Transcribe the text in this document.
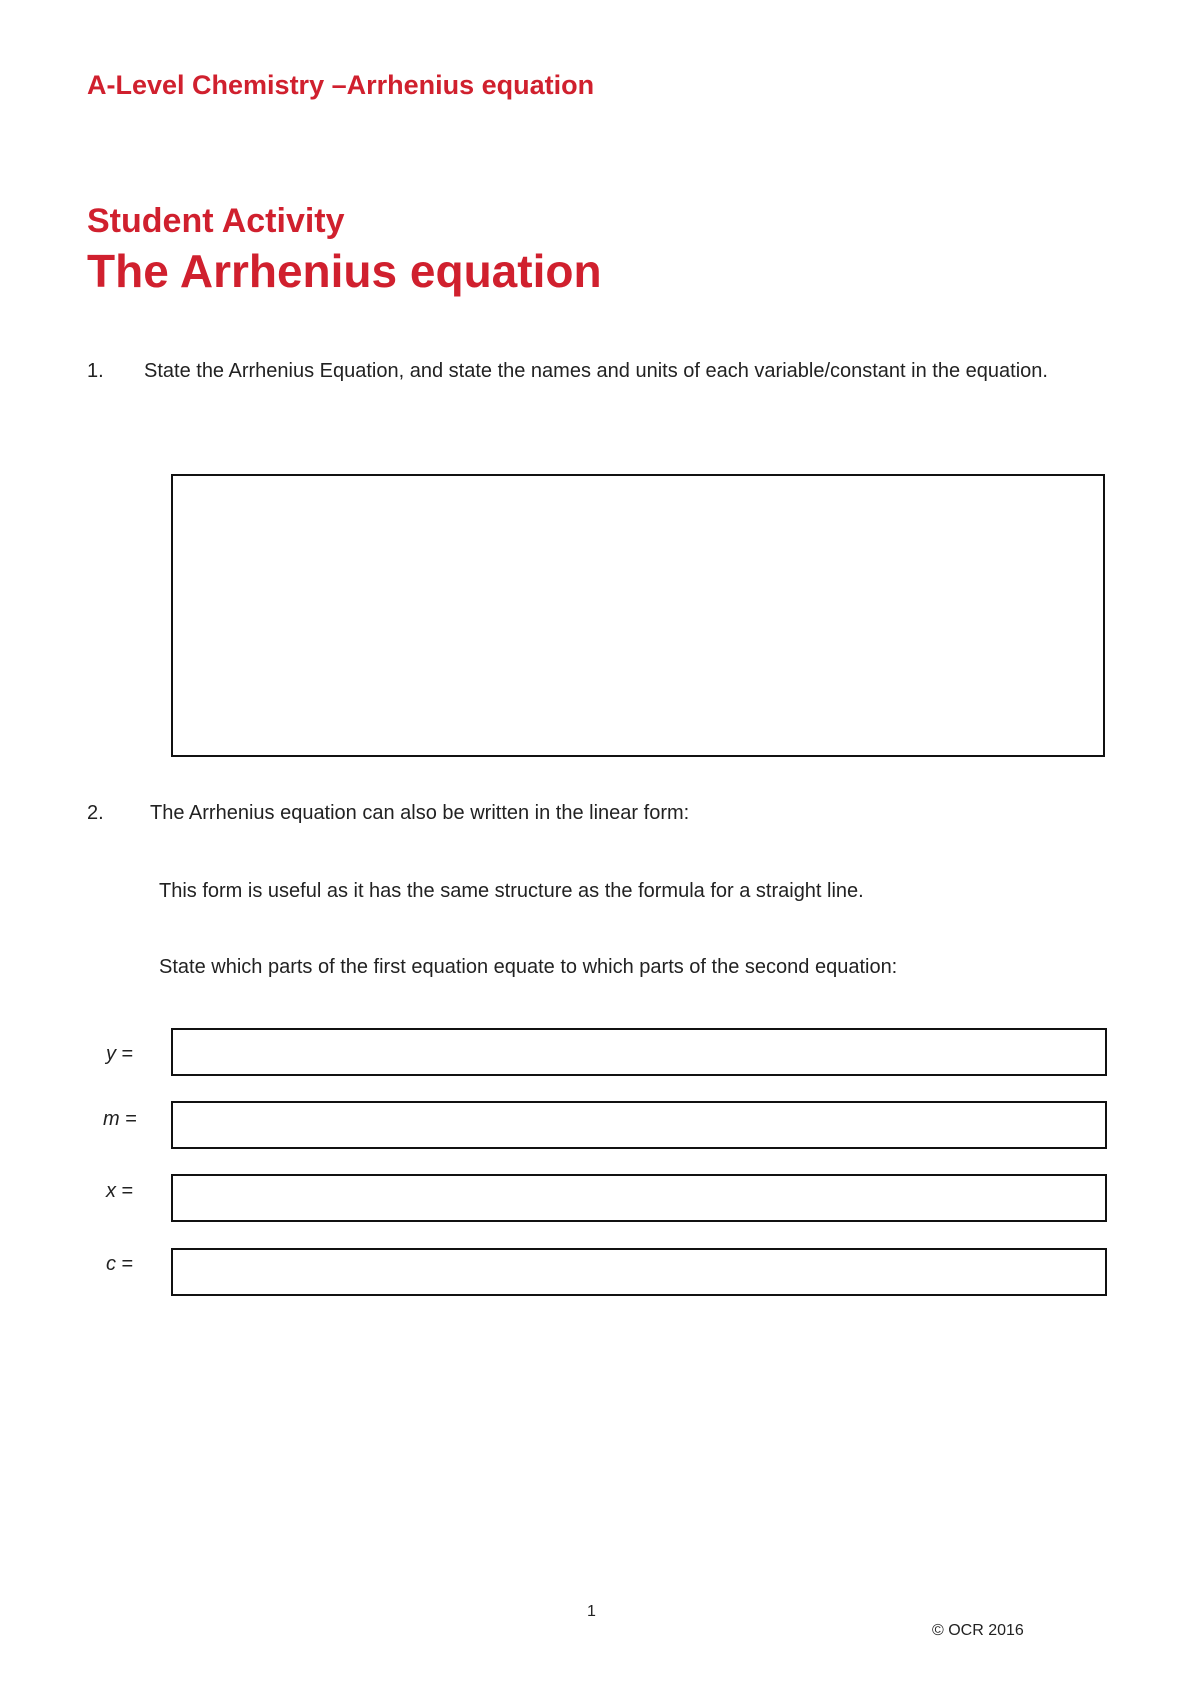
A-Level Chemistry –Arrhenius equation
Student Activity
The Arrhenius equation
1. State the Arrhenius Equation, and state the names and units of each variable/constant in the equation.
2. The Arrhenius equation can also be written in the linear form:
This form is useful as it has the same structure as the formula for a straight line.
State which parts of the first equation equate to which parts of the second equation:
y =
m =
x =
c =
1
© OCR 2016
